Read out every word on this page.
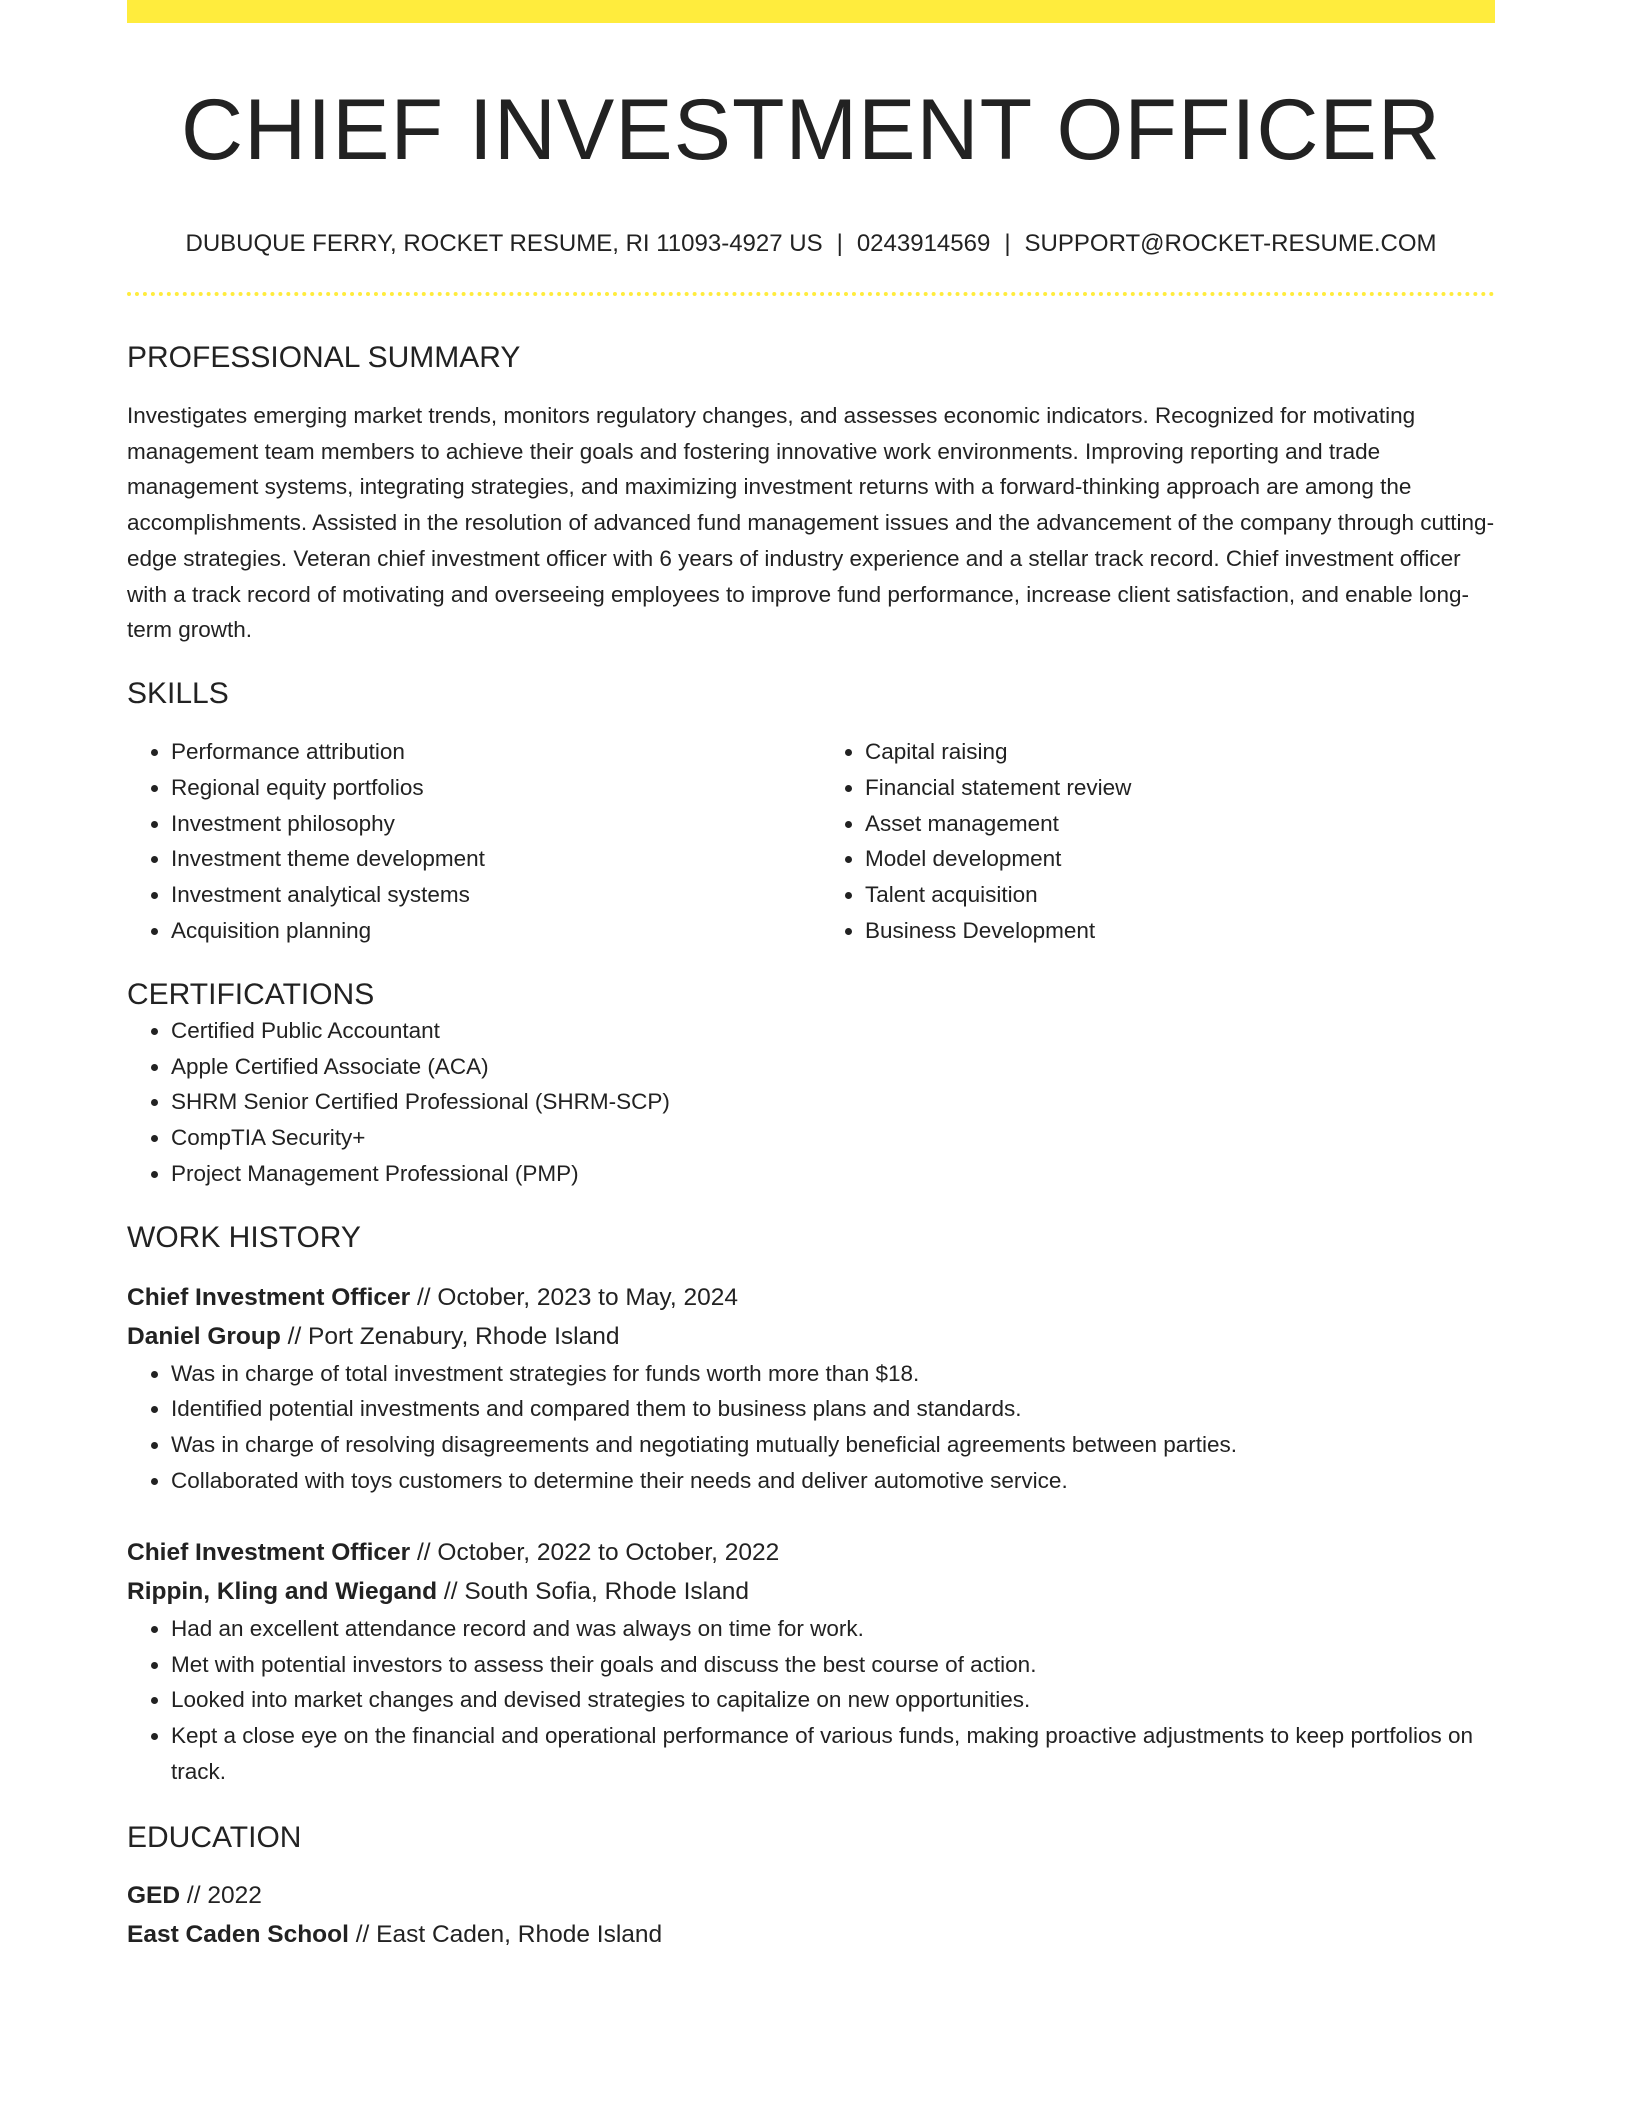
CHIEF INVESTMENT OFFICER
DUBUQUE FERRY, ROCKET RESUME, RI 11093-4927 US | 0243914569 | SUPPORT@ROCKET-RESUME.COM
PROFESSIONAL SUMMARY

Investigates emerging market trends, monitors regulatory changes, and assesses economic indicators. Recognized for motivating management team members to achieve their goals and fostering innovative work environments. Improving reporting and trade management systems, integrating strategies, and maximizing investment returns with a forward-thinking approach are among the accomplishments. Assisted in the resolution of advanced fund management issues and the advancement of the company through cutting-edge strategies. Veteran chief investment officer with 6 years of industry experience and a stellar track record. Chief investment officer with a track record of motivating and overseeing employees to improve fund performance, increase client satisfaction, and enable long-term growth.

SKILLS
• Performance attribution
• Regional equity portfolios
• Investment philosophy
• Investment theme development
• Investment analytical systems
• Acquisition planning
• Capital raising
• Financial statement review
• Asset management
• Model development
• Talent acquisition
• Business Development
CERTIFICATIONS
• Certified Public Accountant
• Apple Certified Associate (ACA)
• SHRM Senior Certified Professional (SHRM-SCP)
• CompTIA Security+
• Project Management Professional (PMP)
WORK HISTORY
Chief Investment Officer // October, 2023 to May, 2024
Daniel Group // Port Zenabury, Rhode Island
• Was in charge of total investment strategies for funds worth more than $18.
• Identified potential investments and compared them to business plans and standards.
• Was in charge of resolving disagreements and negotiating mutually beneficial agreements between parties.
• Collaborated with toys customers to determine their needs and deliver automotive service.
Chief Investment Officer // October, 2022 to October, 2022
Rippin, Kling and Wiegand // South Sofia, Rhode Island
• Had an excellent attendance record and was always on time for work.
• Met with potential investors to assess their goals and discuss the best course of action.
• Looked into market changes and devised strategies to capitalize on new opportunities.
• Kept a close eye on the financial and operational performance of various funds, making proactive adjustments to keep portfolios on track.
EDUCATION
GED // 2022
East Caden School // East Caden, Rhode Island
